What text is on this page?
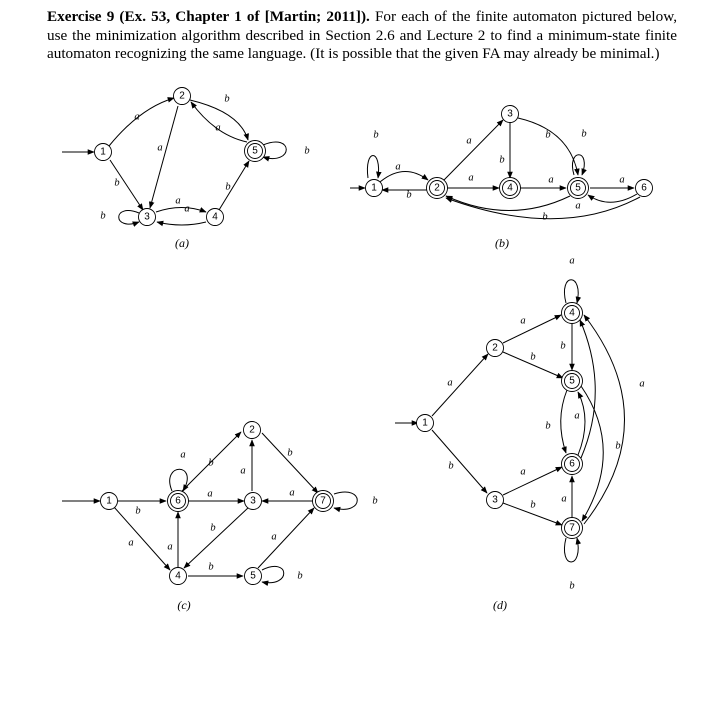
Exercise 9 (Ex. 53, Chapter 1 of [Martin; 2011]). For each of the finite automaton pictured below, use the minimization algorithm described in Section 2.6 and Lecture 2 to find a minimum-state finite automaton recognizing the same language. (It is possible that the given FA may already be minimal.)

1
2
3	4
5
a
b
b
a
a
b
a
a
b
b
(a)
1	2
3
4	5	6
b
a
b
a
a
b
b	b
a	a
a
b
(b)
1
2
3
4	5
6	7
b
a
a
b
a
a
b
a
b
a
b
a
b
b
(c)
1
2
3
4
5
6
7
a
b
a
b
a
b
b
a
b
a
b
a
a
b
(d)
